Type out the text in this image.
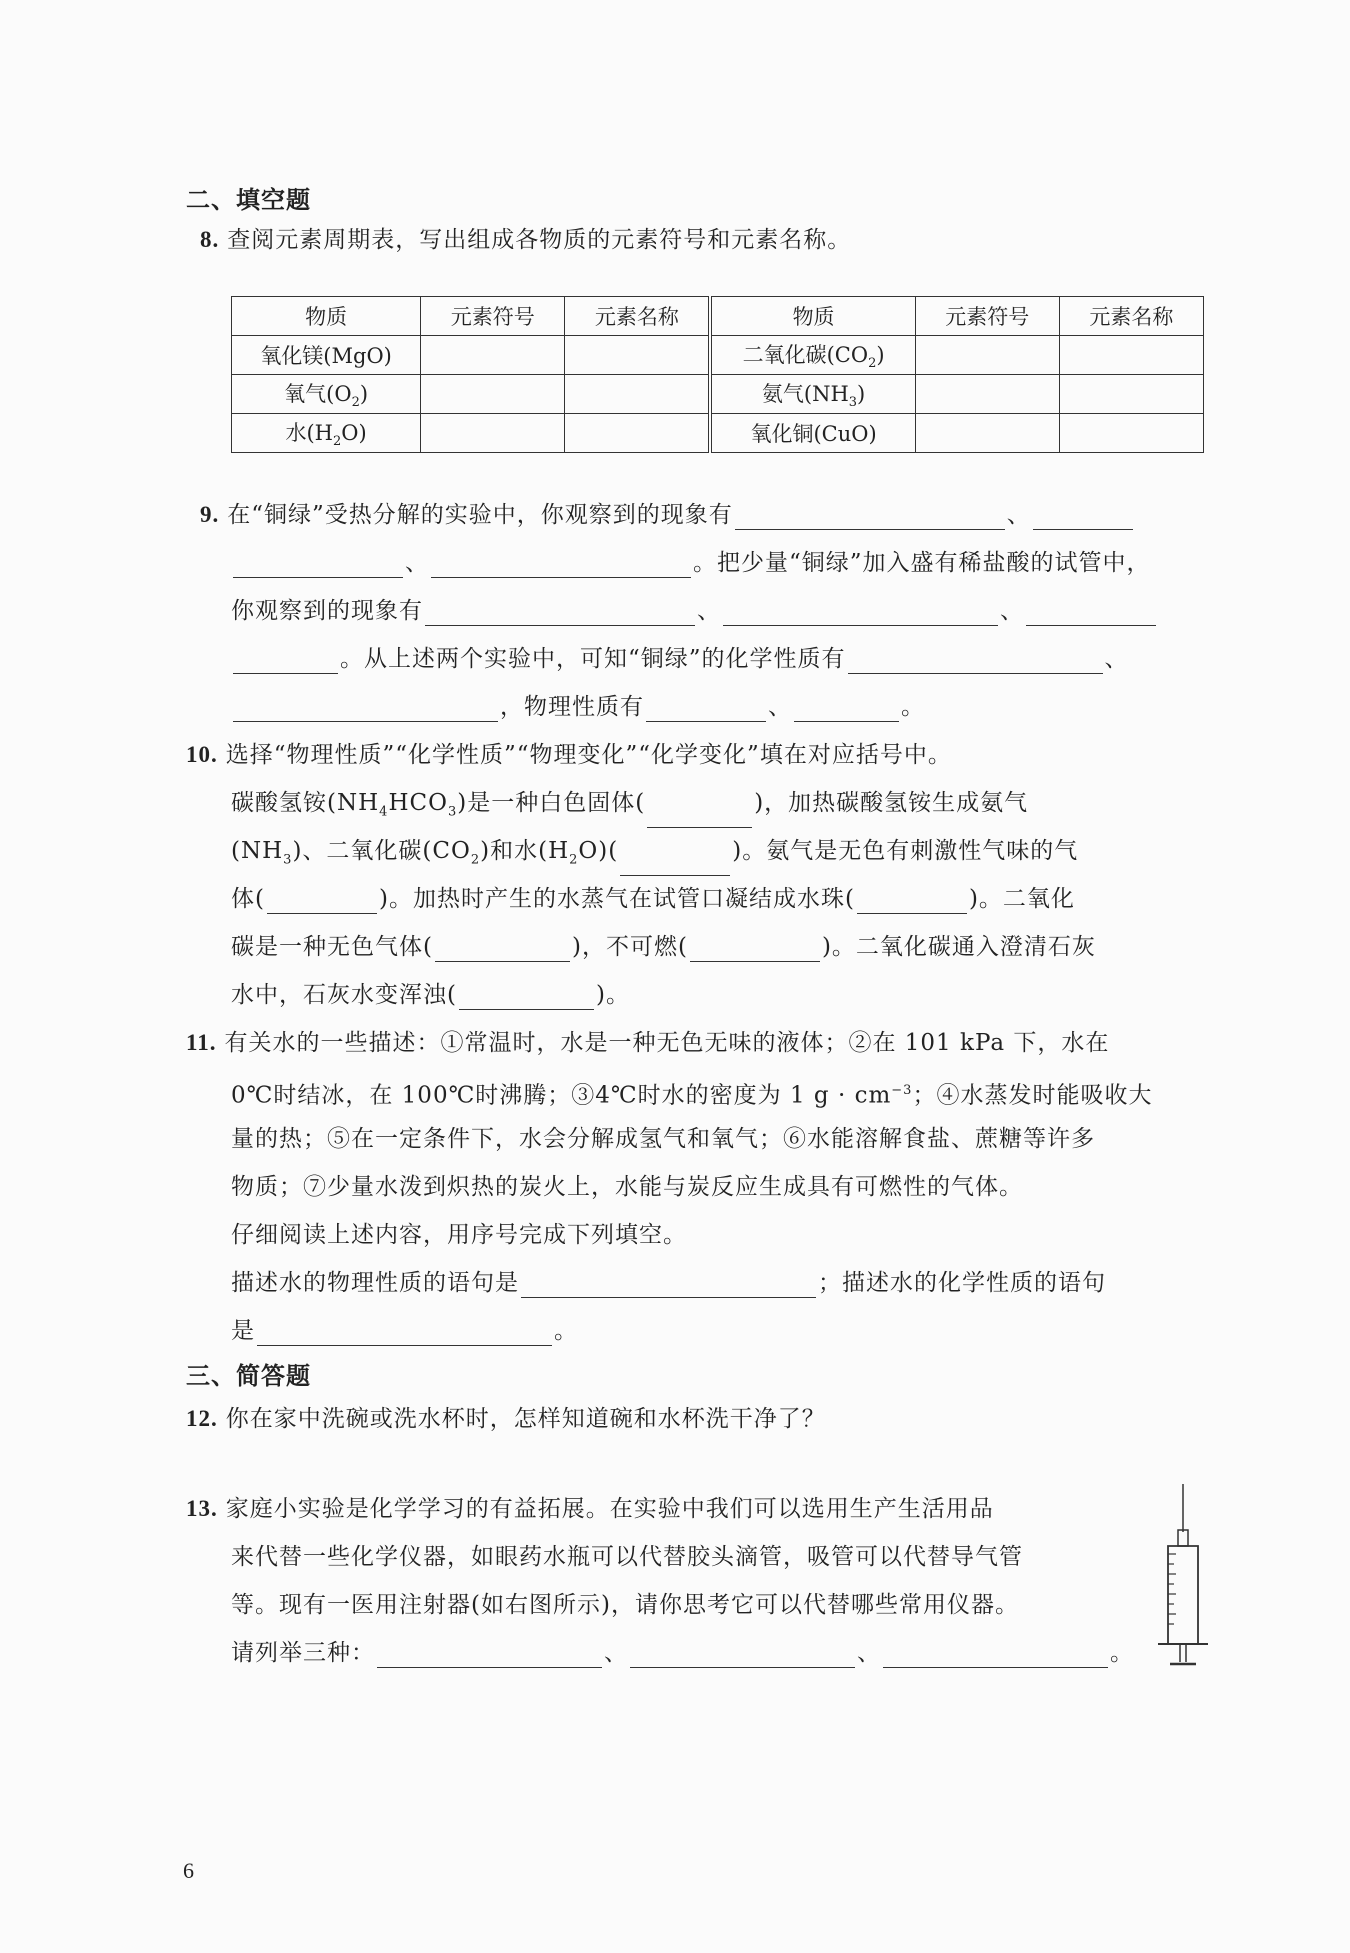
二、填空题
8. 查阅元素周期表，写出组成各物质的元素符号和元素名称。
物质	元素符号	元素名称	物质	元素符号	元素名称
氧化镁(MgO)			二氧化碳$(CO_2)$		
氧气$(O_2)$			氨气$(NH_3)$		
水$(H_2O)$			氧化铜(CuO)		
9. 在“铜绿”受热分解的实验中，你观察到的现象有	、
、	。把少量“铜绿”加入盛有稀盐酸的试管中，
你观察到的现象有	、	、
。从上述两个实验中，可知“铜绿”的化学性质有	、
，物理性质有	、	。
10. 选择“物理性质”“化学性质”“物理变化”“化学变化”填在对应括号中。
碳酸氢铵$(NH_4HCO_3)$是一种白色固体(	)，加热碳酸氢铵生成氨气
$(NH_3)$、二氧化碳$(CO_2)$和水$(H_2O)$(	)。氨气是无色有刺激性气味的气
体(	)。加热时产生的水蒸气在试管口凝结成水珠(	)。二氧化
碳是一种无色气体(	)，不可燃(	)。二氧化碳通入澄清石灰
水中，石灰水变浑浊(	)。
11. 有关水的一些描述：①常温时，水是一种无色无味的液体；②在 101 kPa 下，水在
0℃时结冰，在 100℃时沸腾；③4℃时水的密度为 1 $g \cdot cm^{-3}$；④水蒸发时能吸收大
量的热；⑤在一定条件下，水会分解成氢气和氧气；⑥水能溶解食盐、蔗糖等许多
物质；⑦少量水泼到炽热的炭火上，水能与炭反应生成具有可燃性的气体。
仔细阅读上述内容，用序号完成下列填空。
描述水的物理性质的语句是	；描述水的化学性质的语句
是	。
三、简答题
12. 你在家中洗碗或洗水杯时，怎样知道碗和水杯洗干净了？
13. 家庭小实验是化学学习的有益拓展。在实验中我们可以选用生产生活用品
来代替一些化学仪器，如眼药水瓶可以代替胶头滴管，吸管可以代替导气管
等。现有一医用注射器(如右图所示)，请你思考它可以代替哪些常用仪器。
请列举三种：	、	、	。
6
